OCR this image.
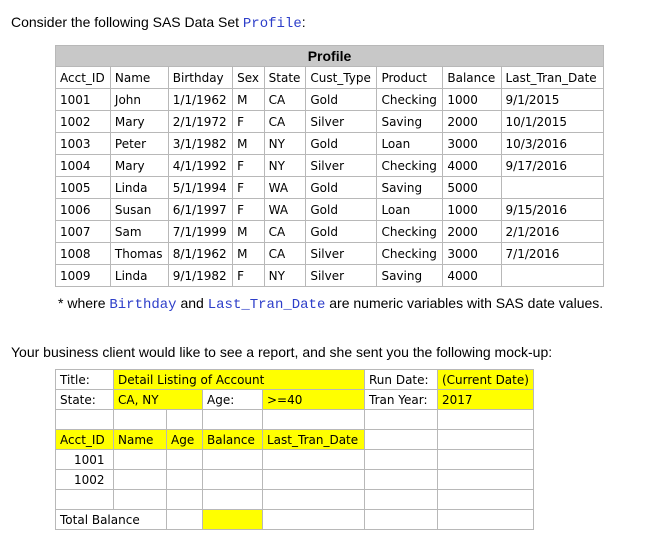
Consider the following SAS Data Set Profile:
Profile								
Acct_ID	Name	Birthday	Sex	State	Cust_Type	Product	Balance	Last_Tran_Date
1001	John	1/1/1962	M	CA	Gold	Checking	1000	9/1/2015
1002	Mary	2/1/1972	F	CA	Silver	Saving	2000	10/1/2015
1003	Peter	3/1/1982	M	NY	Gold	Loan	3000	10/3/2016
1004	Mary	4/1/1992	F	NY	Silver	Checking	4000	9/17/2016
1005	Linda	5/1/1994	F	WA	Gold	Saving	5000	
1006	Susan	6/1/1997	F	WA	Gold	Loan	1000	9/15/2016
1007	Sam	7/1/1999	M	CA	Gold	Checking	2000	2/1/2016
1008	Thomas	8/1/1962	M	CA	Silver	Checking	3000	7/1/2016
1009	Linda	9/1/1982	F	NY	Silver	Saving	4000	
* where Birthday and Last_Tran_Date are numeric variables with SAS date values.
Your business client would like to see a report, and she sent you the following mock-up:
Title:	Detail Listing of Account				Run Date:	(Current Date)
State:	CA, NY		Age:	>=40	Tran Year:	2017

Acct_ID	Name	Age	Balance	Last_Tran_Date		
1001						
1002						

Total Balance						
